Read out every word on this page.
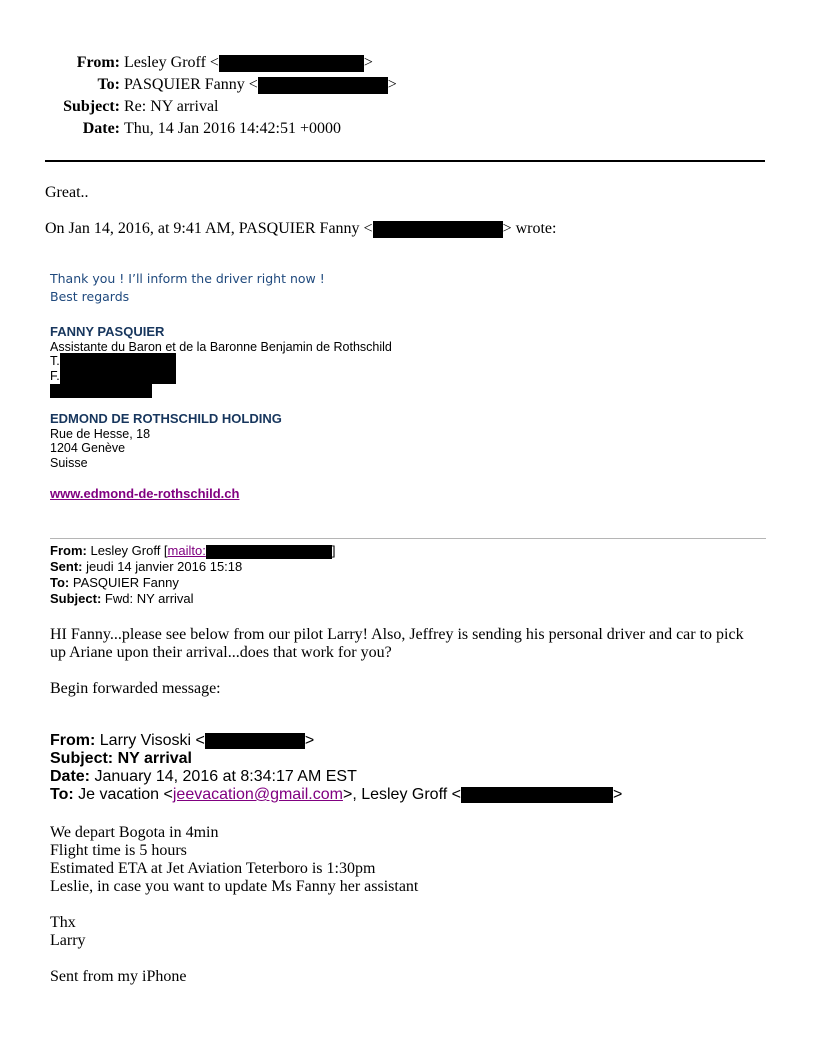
From: Lesley Groff <	>
To: PASQUIER Fanny <	>
Subject: Re: NY arrival
Date: Thu, 14 Jan 2016 14:42:51 +0000
Great..
On Jan 14, 2016, at 9:41 AM, PASQUIER Fanny <	> wrote:
Thank you ! I’ll inform the driver right now !
Best regards
FANNY PASQUIER
Assistante du Baron et de la Baronne Benjamin de Rothschild
T.
F.
EDMOND DE ROTHSCHILD HOLDING
Rue de Hesse, 18
1204 Genève
Suisse
www.edmond-de-rothschild.ch
From: Lesley Groff [mailto:	]
Sent: jeudi 14 janvier 2016 15:18
To: PASQUIER Fanny
Subject: Fwd: NY arrival
HI Fanny...please see below from our pilot Larry! Also, Jeffrey is sending his personal driver and car to pick
up Ariane upon their arrival...does that work for you?
Begin forwarded message:
From: Larry Visoski <	>
Subject: NY arrival
Date: January 14, 2016 at 8:34:17 AM EST
To: Je vacation <jeevacation@gmail.com>, Lesley Groff <	>
We depart Bogota in 4min
Flight time is 5 hours
Estimated ETA at Jet Aviation Teterboro is 1:30pm
Leslie, in case you want to update Ms Fanny her assistant
Thx
Larry
Sent from my iPhone
